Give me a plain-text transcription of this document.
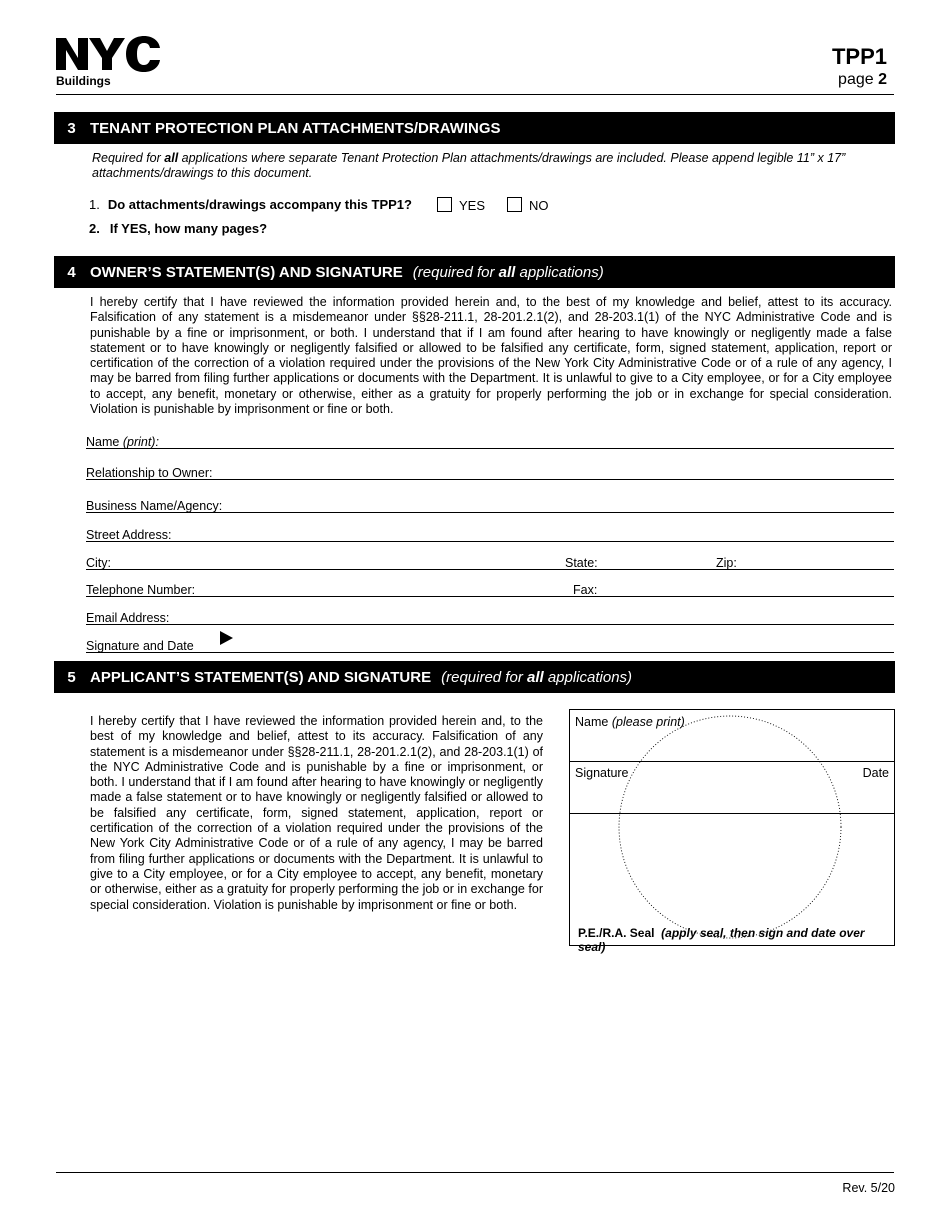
Buildings
TPP1
page 2
3 TENANT PROTECTION PLAN ATTACHMENTS/DRAWINGS
Required for all applications where separate Tenant Protection Plan attachments/drawings are included. Please append legible 11” x 17” attachments/drawings to this document.
1. Do attachments/drawings accompany this TPP1?	YES	NO
2. If YES, how many pages?
4 OWNER’S STATEMENT(S) AND SIGNATURE (required for all applications)
I hereby certify that I have reviewed the information provided herein and, to the best of my knowledge and belief, attest to its accuracy. Falsification of any statement is a misdemeanor under §§28-211.1, 28-201.2.1(2), and 28-203.1(1) of the NYC Administrative Code and is punishable by a fine or imprisonment, or both. I understand that if I am found after hearing to have knowingly or negligently made a false statement or to have knowingly or negligently falsified or allowed to be falsified any certificate, form, signed statement, application, report or certification of the correction of a violation required under the provisions of the New York City Administrative Code or of a rule of any agency, I may be barred from filing further applications or documents with the Department. It is unlawful to give to a City employee, or for a City employee to accept, any benefit, monetary or otherwise, either as a gratuity for properly performing the job or in exchange for special consideration. Violation is punishable by imprisonment or fine or both.
Name (print):
Relationship to Owner:
Business Name/Agency:
Street Address:
City:	State:	Zip:
Telephone Number:	Fax:
Email Address:
Signature and Date
5 APPLICANT’S STATEMENT(S) AND SIGNATURE (required for all applications)
I hereby certify that I have reviewed the information provided herein and, to the best of my knowledge and belief, attest to its accuracy. Falsification of any statement is a misdemeanor under §§28-211.1, 28-201.2.1(2), and 28-203.1(1) of the NYC Administrative Code and is punishable by a fine or imprisonment, or both. I understand that if I am found after hearing to have knowingly or negligently made a false statement or to have knowingly or negligently falsified or allowed to be falsified any certificate, form, signed statement, application, report or certification of the correction of a violation required under the provisions of the New York City Administrative Code or of a rule of any agency, I may be barred from filing further applications or documents with the Department. It is unlawful to give to a City employee, or for a City employee to accept, any benefit, monetary or otherwise, either as a gratuity for properly performing the job or in exchange for special consideration. Violation is punishable by imprisonment or fine or both.
Name (please print)
Signature	Date
P.E./R.A. Seal (apply seal, then sign and date over seal)
Rev. 5/20
